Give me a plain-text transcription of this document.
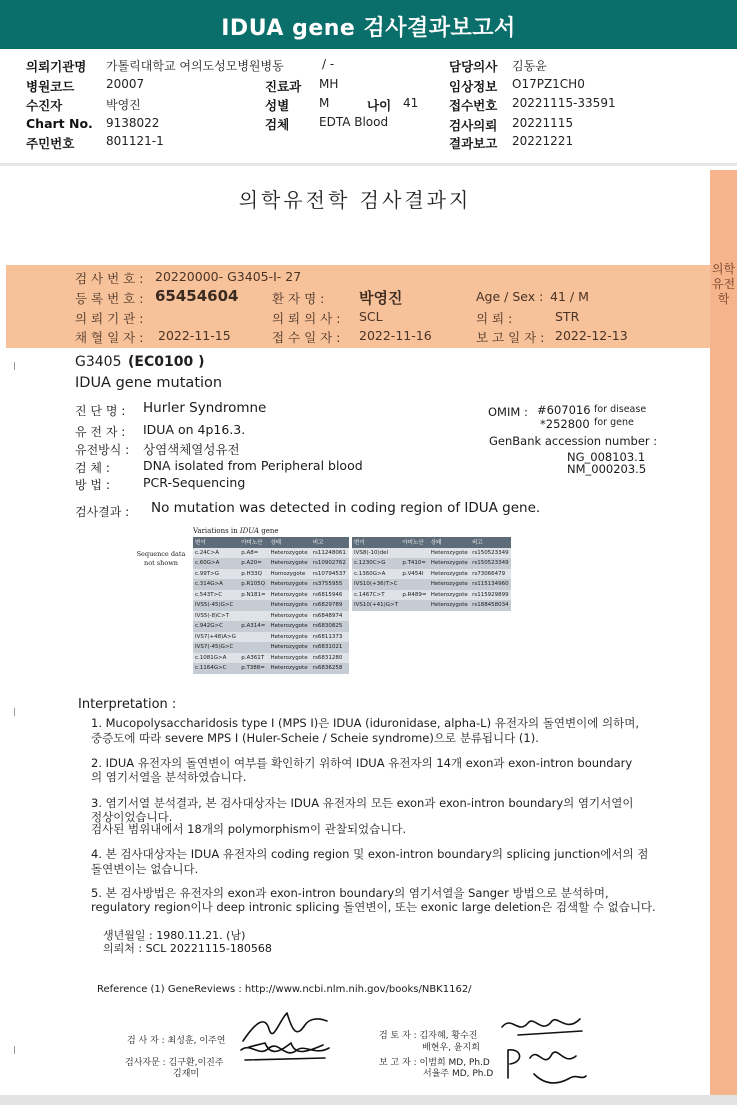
IDUA gene 검사결과보고서
의뢰기관명 가톨릭대학교 여의도성모병원병동	/ -
병원코드	20007
수진자	박영진
Chart No. 9138022
주민번호	801121-1
진료과 MH
성별 M	나이 41
검체 EDTA Blood
담당의사 김동윤
임상정보 O17PZ1CH0
접수번호 20221115-33591
검사의뢰 20221115
결과보고 20221221
의학유전학
의학유전학 검사결과지
검 사 번 호 : 20220000- G3405-I- 27
등 록 번 호 : 65454604	환 자 명 : 박영진	Age / Sex : 41 / M
의 뢰 기 관 :	의 뢰 의 사 : SCL	의 뢰 :	STR
채 혈 일 자 : 2022-11-15	접 수 일 자 : 2022-11-16	보 고 일 자 : 2022-12-13
G3405 (EC0100 )
IDUA gene mutation
진 단 명 : Hurler Syndromne
유 전 자 : IDUA on 4p16.3.
유전방식 : 상염색체열성유전
검 체 :	DNA isolated from Peripheral blood
방 법 :	PCR-Sequencing
OMIM : #607016 for disease
*252800 for gene
GenBank accession number :
NG_008103.1
NM_000203.5
검사결과 : No mutation was detected in coding region of IDUA gene.
Variations in IDUA gene
Sequence data
not shown
변이	아미노산	상태	비고
c.24C>A	p.A8=	Heterozygote	rs11248061
c.60G>A	p.A20=	Heterozygote	rs10902762
c.99T>G	p.H33Q	Homozygote	rs10794537
c.314G>A	p.R105Q	Heterozygote	rs3755955
c.543T>C	p.N181=	Heterozygote	rs6815946
IVS5(-45)G>C		Heterozygote	rs6829789
IVS5(-8)C>T		Heterozygote	rs6848974
c.942G>C	p.A314=	Heterozygote	rs6830825
IVS7(+48)A>G		Heterozygote	rs6811373
IVS7(-45)G>C		Heterozygote	rs6831021
c.1081G>A	p.A361T	Heterozygote	rs6831280
c.1164G>C	p.T388=	Heterozygote	rs6836258
변이	아미노산	상태	비고
IVS8(-10)del		Heterozygote	rs150523349
c.1230C>G	p.T410=	Heterozygote	rs150523349
c.1360G>A	p.V454I	Heterozygote	rs73066479
IVS10(+36)T>C		Heterozygote	rs115134960
c.1467C>T	p.R489=	Heterozygote	rs115929899
IVS10(+41)G>T		Heterozygote	rs188458034
Interpretation :
1. Mucopolysaccharidosis type I (MPS I)은 IDUA (iduronidase, alpha-L) 유전자의 돌연변이에 의하며,
중증도에 따라 severe MPS I (Huler-Scheie / Scheie syndrome)으로 분류됩니다 (1).
2. IDUA 유전자의 돌연변이 여부를 확인하기 위하여 IDUA 유전자의 14개 exon과 exon-intron boundary
의 염기서열을 분석하였습니다.
3. 염기서열 분석결과, 본 검사대상자는 IDUA 유전자의 모든 exon과 exon-intron boundary의 염기서열이
정상이었습니다.
검사된 범위내에서 18개의 polymorphism이 관찰되었습니다.
4. 본 검사대상자는 IDUA 유전자의 coding region 및 exon-intron boundary의 splicing junction에서의 점
돌연변이는 없습니다.
5. 본 검사방법은 유전자의 exon과 exon-intron boundary의 염기서열을 Sanger 방법으로 분석하며,
regulatory region이나 deep intronic splicing 돌연변이, 또는 exonic large deletion은 검색할 수 없습니다.
생년월일 : 1980.11.21. (남)
의뢰처 : SCL 20221115-180568
Reference (1) GeneReviews : http://www.ncbi.nlm.nih.gov/books/NBK1162/
검 사 자 : 최성훈, 이주연
검사자문 : 김구환,이진주
김재미
검 토 자 : 김자혜, 황수진
배현우, 윤지희
보 고 자 : 이범희 MD, Ph.D
서율주 MD, Ph.D
